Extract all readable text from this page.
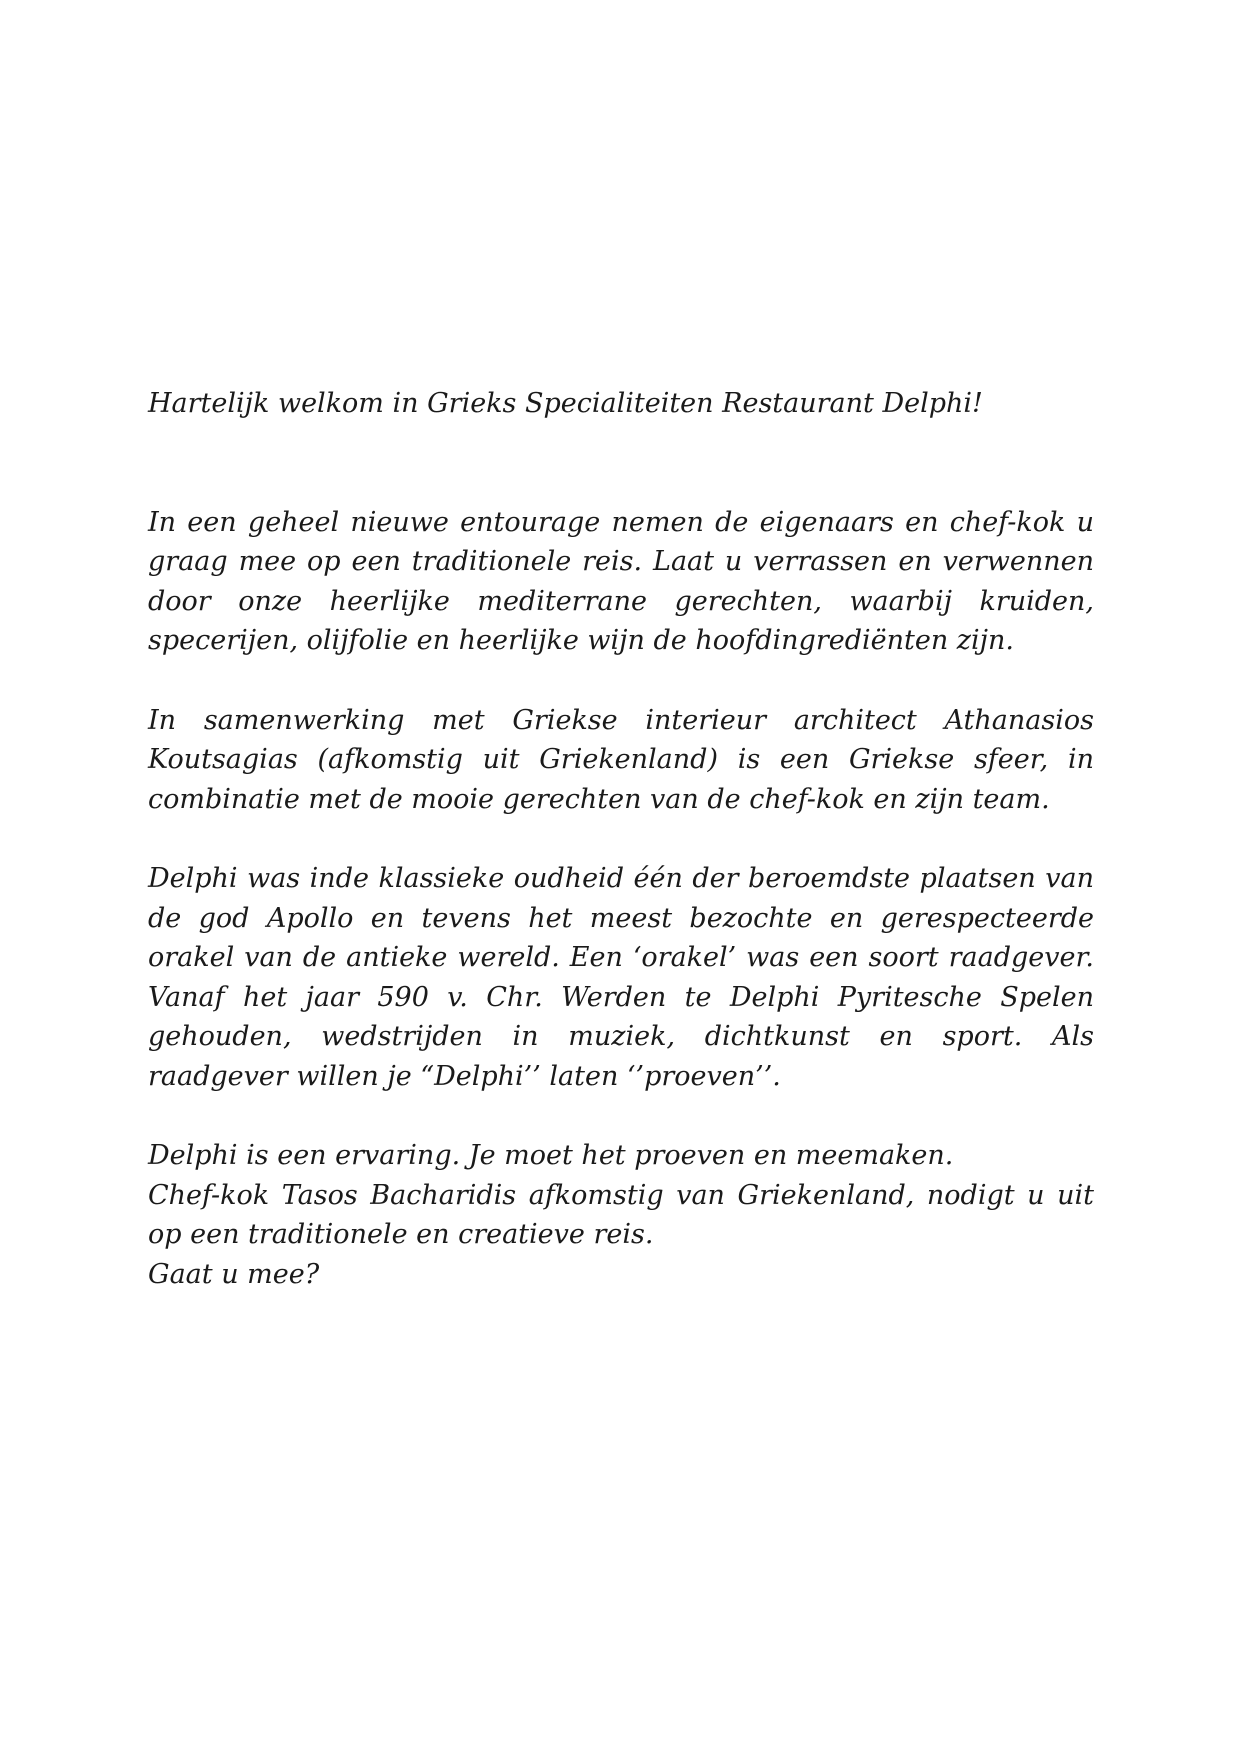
Hartelijk welkom in Grieks Specialiteiten Restaurant Delphi!

In een geheel nieuwe entourage nemen de eigenaars en chef-kok u graag mee op een traditionele reis. Laat u verrassen en verwennen door onze heerlijke mediterrane gerechten, waarbij kruiden, specerijen, olijfolie en heerlijke wijn de hoofdingrediënten zijn.

In samenwerking met Griekse interieur architect Athanasios Koutsagias (afkomstig uit Griekenland) is een Griekse sfeer, in combinatie met de mooie gerechten van de chef-kok en zijn team.

Delphi was inde klassieke oudheid één der beroemdste plaatsen van de god Apollo en tevens het meest bezochte en gerespecteerde orakel van de antieke wereld. Een ‘orakel’ was een soort raadgever. Vanaf het jaar 590 v. Chr. Werden te Delphi Pyritesche Spelen gehouden, wedstrijden in muziek, dichtkunst en sport. Als raadgever willen je “Delphi’’ laten ‘’proeven’’.

Delphi is een ervaring. Je moet het proeven en meemaken.

Chef-kok Tasos Bacharidis afkomstig van Griekenland, nodigt u uit op een traditionele en creatieve reis.

Gaat u mee?
